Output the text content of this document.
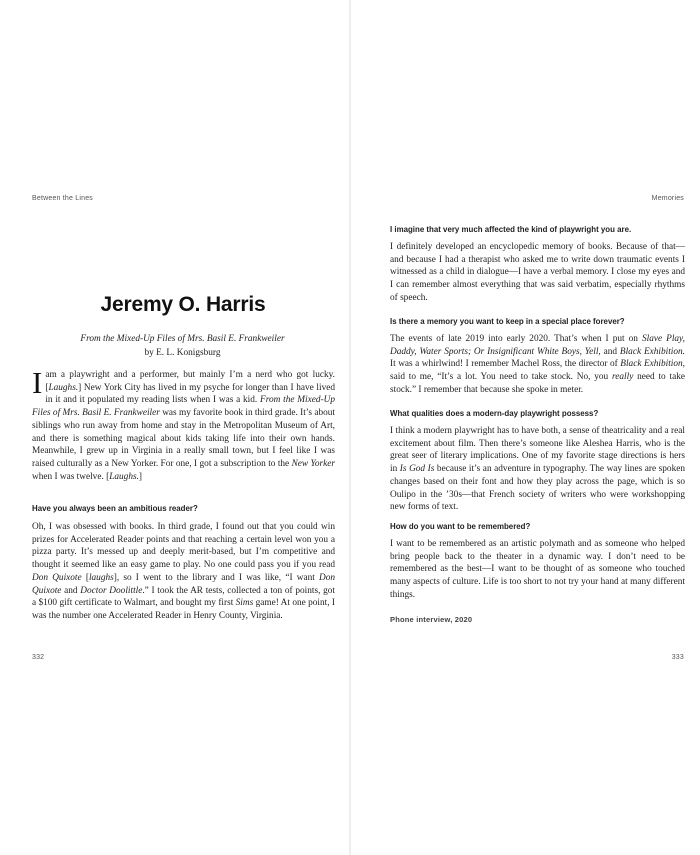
Between the Lines
Jeremy O. Harris
From the Mixed-Up Files of Mrs. Basil E. Frankweiler by E. L. Konigsburg

I am a playwright and a performer, but mainly I’m a nerd who got lucky. [Laughs.] New York City has lived in my psyche for longer than I have lived in it and it populated my reading lists when I was a kid. From the Mixed-Up Files of Mrs. Basil E. Frankweiler was my favorite book in third grade. It’s about siblings who run away from home and stay in the Metropolitan Museum of Art, and there is something magical about kids taking life into their own hands. Meanwhile, I grew up in Virginia in a really small town, but I feel like I was raised culturally as a New Yorker. For one, I got a subscription to the New Yorker when I was twelve. [Laughs.]

Have you always been an ambitious reader?

Oh, I was obsessed with books. In third grade, I found out that you could win prizes for Accelerated Reader points and that reaching a certain level won you a pizza party. It’s messed up and deeply merit-based, but I’m competitive and thought it seemed like an easy game to play. No one could pass you if you read Don Quixote [laughs], so I went to the library and I was like, “I want Don Quixote and Doctor Doolittle.” I took the AR tests, collected a ton of points, got a $100 gift certificate to Walmart, and bought my first Sims game! At one point, I was the number one Accelerated Reader in Henry County, Virginia.

332
Memories

I imagine that very much affected the kind of playwright you are.

I definitely developed an encyclopedic memory of books. Because of that—and because I had a therapist who asked me to write down traumatic events I witnessed as a child in dialogue—I have a verbal memory. I close my eyes and I can remember almost everything that was said verbatim, especially rhythms of speech.

Is there a memory you want to keep in a special place forever?

The events of late 2019 into early 2020. That’s when I put on Slave Play, Daddy, Water Sports; Or Insignificant White Boys, Yell, and Black Exhibition. It was a whirlwind! I remember Machel Ross, the director of Black Exhibition, said to me, “It’s a lot. You need to take stock. No, you really need to take stock.” I remember that because she spoke in meter.

What qualities does a modern-day playwright possess?

I think a modern playwright has to have both, a sense of theatricality and a real excitement about film. Then there’s someone like Aleshea Harris, who is the great seer of literary implications. One of my favorite stage directions is hers in Is God Is because it’s an adventure in typography. The way lines are spoken changes based on their font and how they play across the page, which is so Oulipo in the ’30s—that French society of writers who were workshopping new forms of text.

How do you want to be remembered?

I want to be remembered as an artistic polymath and as someone who helped bring people back to the theater in a dynamic way. I don’t need to be remembered as the best—I want to be thought of as someone who touched many aspects of culture. Life is too short to not try your hand at many different things.

Phone interview, 2020
333
